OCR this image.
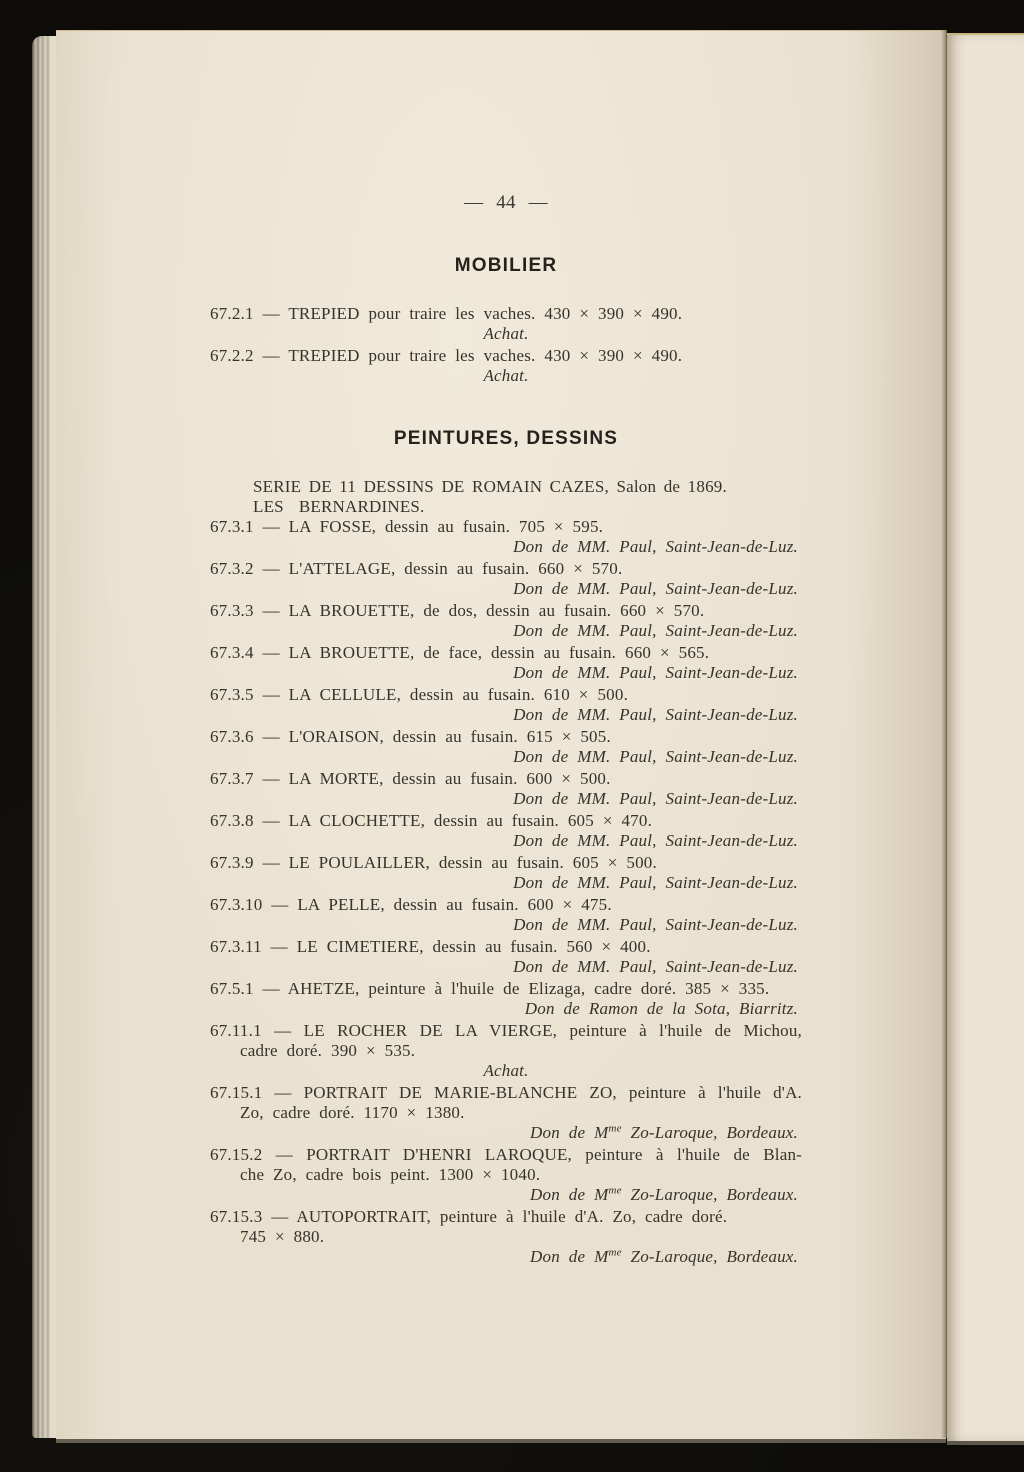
— 44 —
MOBILIER
67.2.1 — TREPIED pour traire les vaches. 430 × 390 × 490.
Achat.
67.2.2 — TREPIED pour traire les vaches. 430 × 390 × 490.
Achat.
PEINTURES, DESSINS
SERIE DE 11 DESSINS DE ROMAIN CAZES, Salon de 1869.
LES  BERNARDINES.
67.3.1 — LA FOSSE, dessin au fusain. 705 × 595.
Don de MM. Paul, Saint-Jean-de-Luz.
67.3.2 — L'ATTELAGE, dessin au fusain. 660 × 570.
Don de MM. Paul, Saint-Jean-de-Luz.
67.3.3 — LA BROUETTE, de dos, dessin au fusain. 660 × 570.
Don de MM. Paul, Saint-Jean-de-Luz.
67.3.4 — LA BROUETTE, de face, dessin au fusain. 660 × 565.
Don de MM. Paul, Saint-Jean-de-Luz.
67.3.5 — LA CELLULE, dessin au fusain. 610 × 500.
Don de MM. Paul, Saint-Jean-de-Luz.
67.3.6 — L'ORAISON, dessin au fusain. 615 × 505.
Don de MM. Paul, Saint-Jean-de-Luz.
67.3.7 — LA MORTE, dessin au fusain. 600 × 500.
Don de MM. Paul, Saint-Jean-de-Luz.
67.3.8 — LA CLOCHETTE, dessin au fusain. 605 × 470.
Don de MM. Paul, Saint-Jean-de-Luz.
67.3.9 — LE POULAILLER, dessin au fusain. 605 × 500.
Don de MM. Paul, Saint-Jean-de-Luz.
67.3.10 — LA PELLE, dessin au fusain. 600 × 475.
Don de MM. Paul, Saint-Jean-de-Luz.
67.3.11 — LE CIMETIERE, dessin au fusain. 560 × 400.
Don de MM. Paul, Saint-Jean-de-Luz.
67.5.1 — AHETZE, peinture à l'huile de Elizaga, cadre doré. 385 × 335.
Don de Ramon de la Sota, Biarritz.
67.11.1 — LE ROCHER DE LA VIERGE, peinture à l'huile de Michou,
cadre doré. 390 × 535.
Achat.
67.15.1 — PORTRAIT DE MARIE-BLANCHE ZO, peinture à l'huile d'A.
Zo, cadre doré. 1170 × 1380.
Don de $M^{me}$ Zo-Laroque, Bordeaux.
67.15.2 — PORTRAIT D'HENRI LAROQUE, peinture à l'huile de Blan-
che Zo, cadre bois peint. 1300 × 1040.
Don de $M^{me}$ Zo-Laroque, Bordeaux.
67.15.3 — AUTOPORTRAIT, peinture à l'huile d'A. Zo, cadre doré.
745 × 880.
Don de $M^{me}$ Zo-Laroque, Bordeaux.
